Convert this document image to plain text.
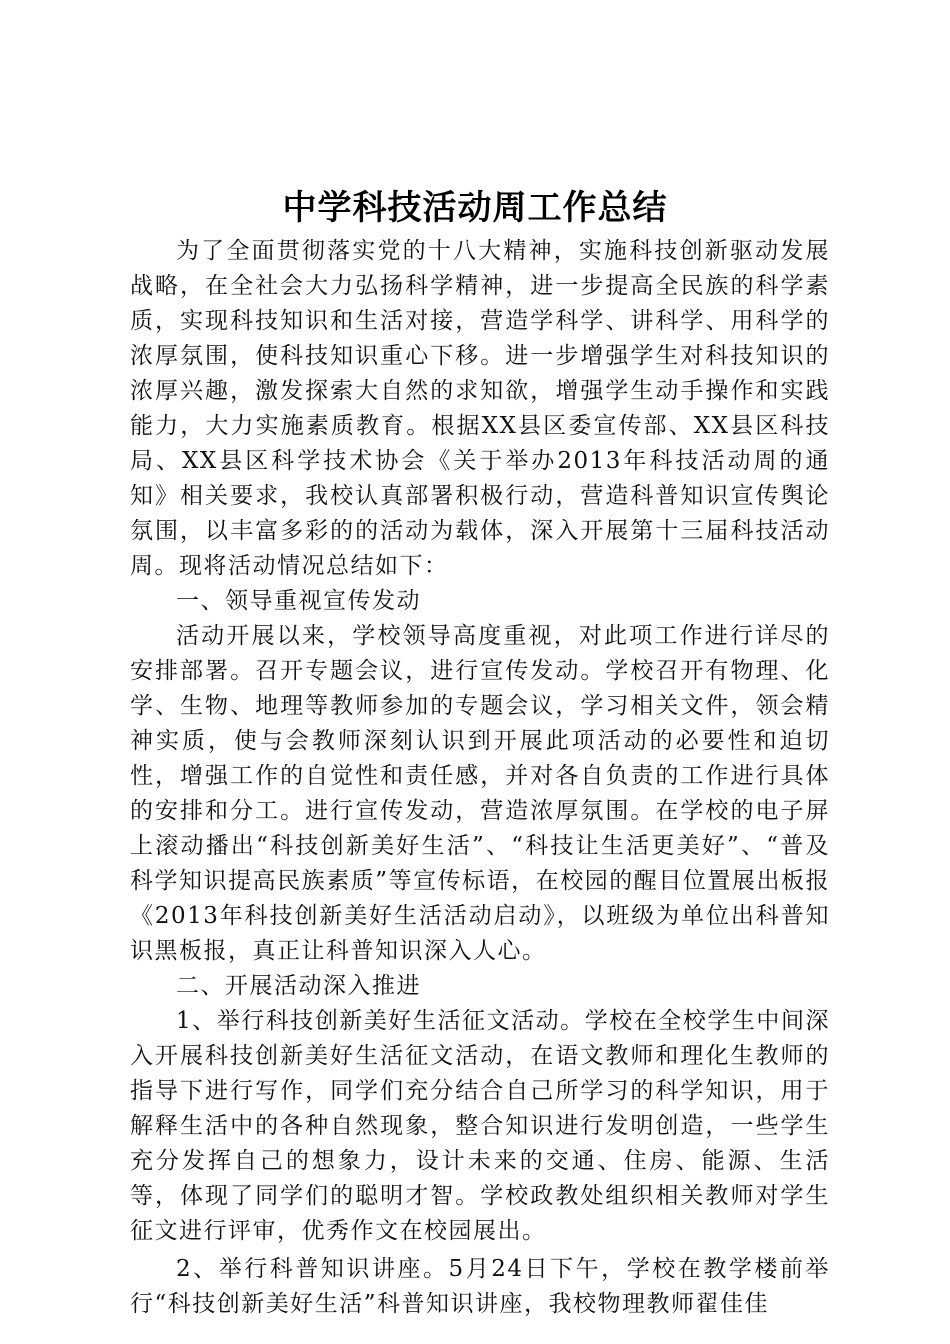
中学科技活动周工作总结

为了全面贯彻落实党的十八大精神，实施科技创新驱动发展战略，在全社会大力弘扬科学精神，进一步提高全民族的科学素质，实现科技知识和生活对接，营造学科学、讲科学、用科学的浓厚氛围，使科技知识重心下移。进一步增强学生对科技知识的浓厚兴趣，激发探索大自然的求知欲，增强学生动手操作和实践能力，大力实施素质教育。根据XX县区委宣传部、XX县区科技局、XX县区科学技术协会《关于举办2013年科技活动周的通知》相关要求，我校认真部署积极行动，营造科普知识宣传舆论氛围，以丰富多彩的的活动为载体，深入开展第十三届科技活动周。现将活动情况总结如下：

一、领导重视宣传发动

活动开展以来，学校领导高度重视，对此项工作进行详尽的安排部署。召开专题会议，进行宣传发动。学校召开有物理、化学、生物、地理等教师参加的专题会议，学习相关文件，领会精神实质，使与会教师深刻认识到开展此项活动的必要性和迫切性，增强工作的自觉性和责任感，并对各自负责的工作进行具体的安排和分工。进行宣传发动，营造浓厚氛围。在学校的电子屏上滚动播出“科技创新美好生活”、“科技让生活更美好”、“普及科学知识提高民族素质”等宣传标语，在校园的醒目位置展出板报《2013年科技创新美好生活活动启动》，以班级为单位出科普知识黑板报，真正让科普知识深入人心。

二、开展活动深入推进

1、举行科技创新美好生活征文活动。学校在全校学生中间深入开展科技创新美好生活征文活动，在语文教师和理化生教师的指导下进行写作，同学们充分结合自己所学习的科学知识，用于解释生活中的各种自然现象，整合知识进行发明创造，一些学生充分发挥自己的想象力，设计未来的交通、住房、能源、生活等，体现了同学们的聪明才智。学校政教处组织相关教师对学生征文进行评审，优秀作文在校园展出。

2、举行科普知识讲座。5月24日下午，学校在教学楼前举行“科技创新美好生活”科普知识讲座，我校物理教师翟佳佳
